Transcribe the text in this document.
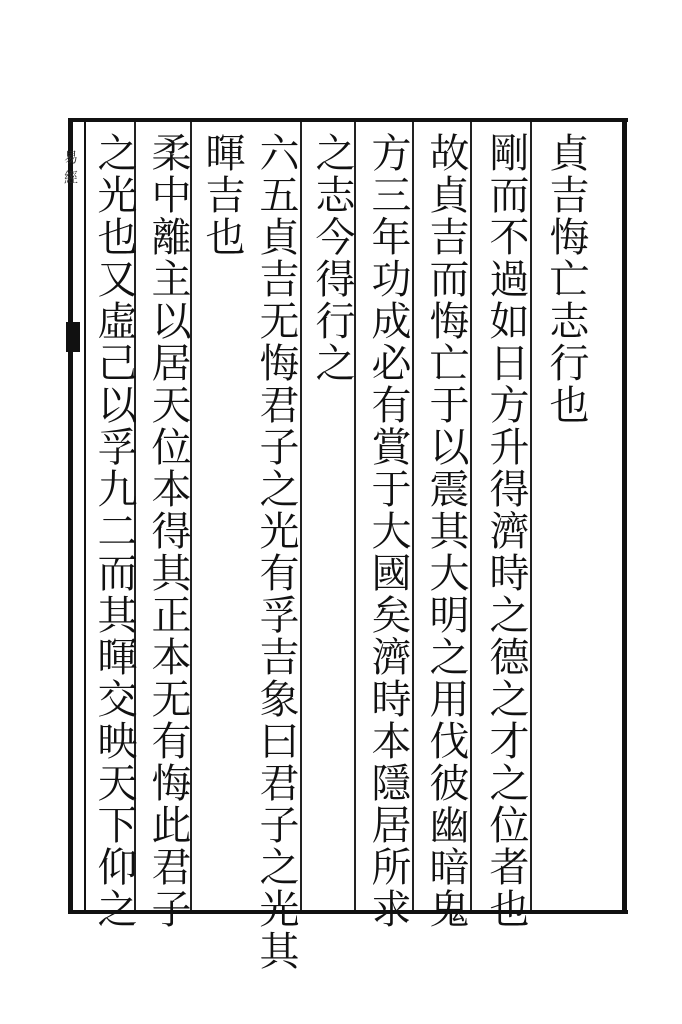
易經	貞吉悔亡志行也
剛而不過如日方升得濟時之德之才之位者也
故貞吉而悔亡于以震其大明之用伐彼幽暗鬼
方三年功成必有賞于大國矣濟時本隱居所求
之志今得行之
六五貞吉无悔君子之光有孚吉象曰君子之光其
暉吉也
柔中離主以居天位本得其正本无有悔此君子
之光也又虛己以孚九二而其暉交映天下仰之
